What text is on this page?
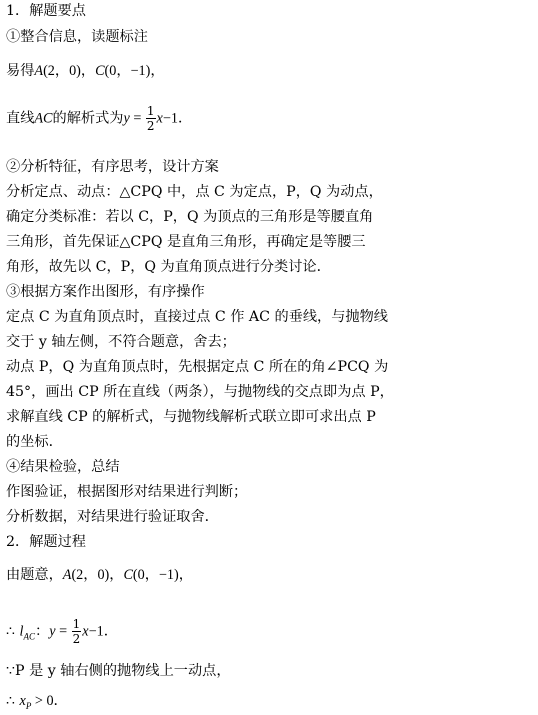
1．解题要点
①整合信息，读题标注
易得A(2，0)，C(0，−1)，
直线AC的解析式为$y = \frac{1}{2} x-1$．
②分析特征，有序思考，设计方案
分析定点、动点：△CPQ 中，点 C 为定点，P，Q 为动点，
确定分类标准：若以 C，P，Q 为顶点的三角形是等腰直角
三角形，首先保证△CPQ 是直角三角形，再确定是等腰三
角形，故先以 C，P，Q 为直角顶点进行分类讨论．
③根据方案作出图形，有序操作
定点 C 为直角顶点时，直接过点 C 作 AC 的垂线，与抛物线
交于 y 轴左侧，不符合题意，舍去；
动点 P，Q 为直角顶点时，先根据定点 C 所在的角∠PCQ 为
45°，画出 CP 所在直线（两条），与抛物线的交点即为点 P，
求解直线 CP 的解析式，与抛物线解析式联立即可求出点 P
的坐标．
④结果检验，总结
作图验证，根据图形对结果进行判断；
分析数据，对结果进行验证取舍．
2．解题过程
由题意，A(2，0)，C(0，−1)，
∴ $l_{AC}$：$y = \frac{1}{2} x-1$．
∵P 是 y 轴右侧的抛物线上一动点，
∴ $x_P > 0$．
